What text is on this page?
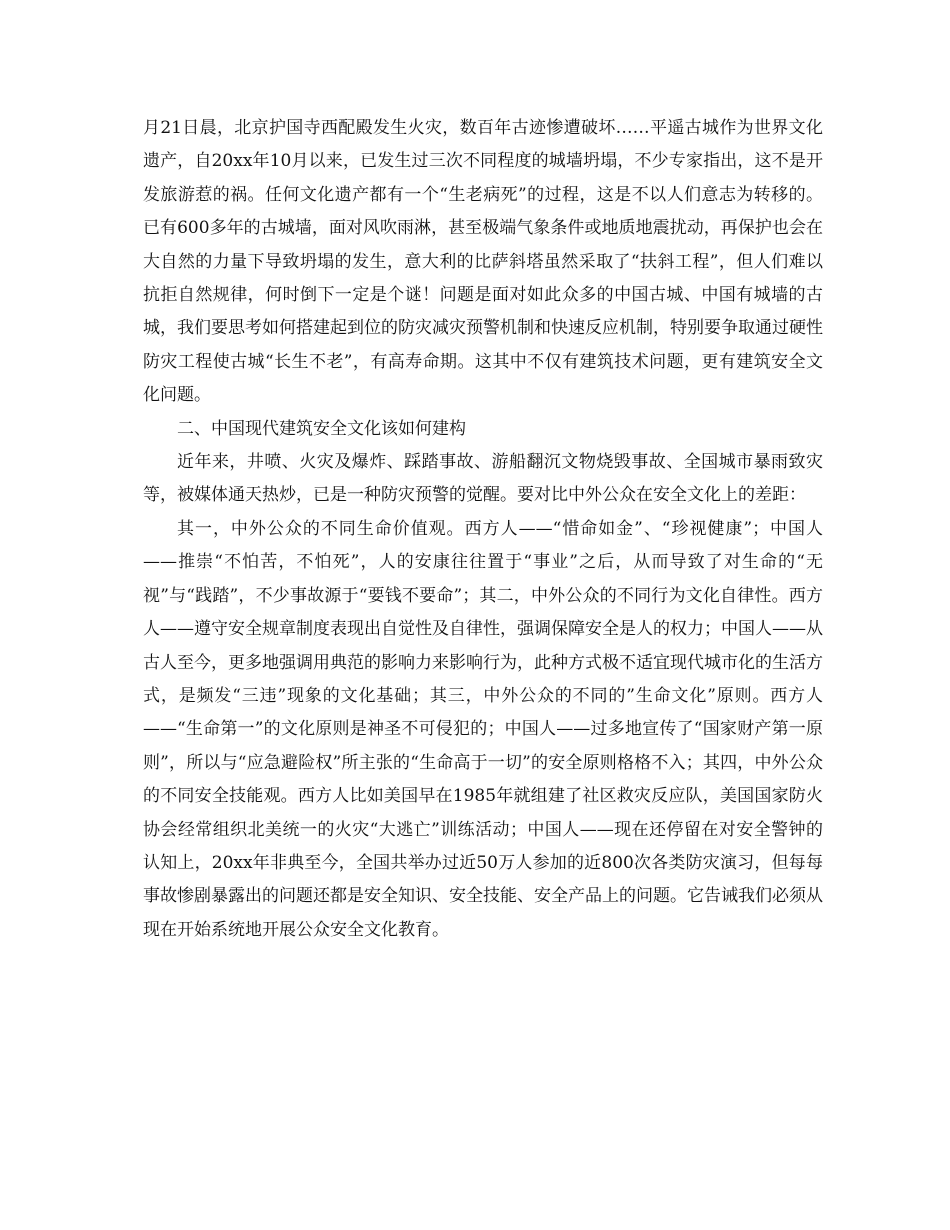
月21日晨，北京护国寺西配殿发生火灾，数百年古迹惨遭破坏……平遥古城作为世界文化遗产，自20xx年10月以来，已发生过三次不同程度的城墙坍塌，不少专家指出，这不是开发旅游惹的祸。任何文化遗产都有一个“生老病死”的过程，这是不以人们意志为转移的。已有600多年的古城墙，面对风吹雨淋，甚至极端气象条件或地质地震扰动，再保护也会在大自然的力量下导致坍塌的发生，意大利的比萨斜塔虽然采取了“扶斜工程”，但人们难以抗拒自然规律，何时倒下一定是个谜！问题是面对如此众多的中国古城、中国有城墙的古城，我们要思考如何搭建起到位的防灾减灾预警机制和快速反应机制，特别要争取通过硬性防灾工程使古城“长生不老”，有高寿命期。这其中不仅有建筑技术问题，更有建筑安全文化问题。

二、中国现代建筑安全文化该如何建构

近年来，井喷、火灾及爆炸、踩踏事故、游船翻沉文物烧毁事故、全国城市暴雨致灾等，被媒体通天热炒，已是一种防灾预警的觉醒。要对比中外公众在安全文化上的差距：

其一，中外公众的不同生命价值观。西方人——“惜命如金”、“珍视健康”；中国人——推崇“不怕苦，不怕死”，人的安康往往置于“事业”之后，从而导致了对生命的“无视”与“践踏”，不少事故源于“要钱不要命”；其二，中外公众的不同行为文化自律性。西方人——遵守安全规章制度表现出自觉性及自律性，强调保障安全是人的权力；中国人——从古人至今，更多地强调用典范的影响力来影响行为，此种方式极不适宜现代城市化的生活方式，是频发“三违”现象的文化基础；其三，中外公众的不同的”生命文化”原则。西方人——“生命第一”的文化原则是神圣不可侵犯的；中国人——过多地宣传了“国家财产第一原则”，所以与“应急避险权”所主张的“生命高于一切”的安全原则格格不入；其四，中外公众的不同安全技能观。西方人比如美国早在1985年就组建了社区救灾反应队，美国国家防火协会经常组织北美统一的火灾“大逃亡”训练活动；中国人——现在还停留在对安全警钟的认知上，20xx年非典至今，全国共举办过近50万人参加的近800次各类防灾演习，但每每事故惨剧暴露出的问题还都是安全知识、安全技能、安全产品上的问题。它告诫我们必须从现在开始系统地开展公众安全文化教育。
